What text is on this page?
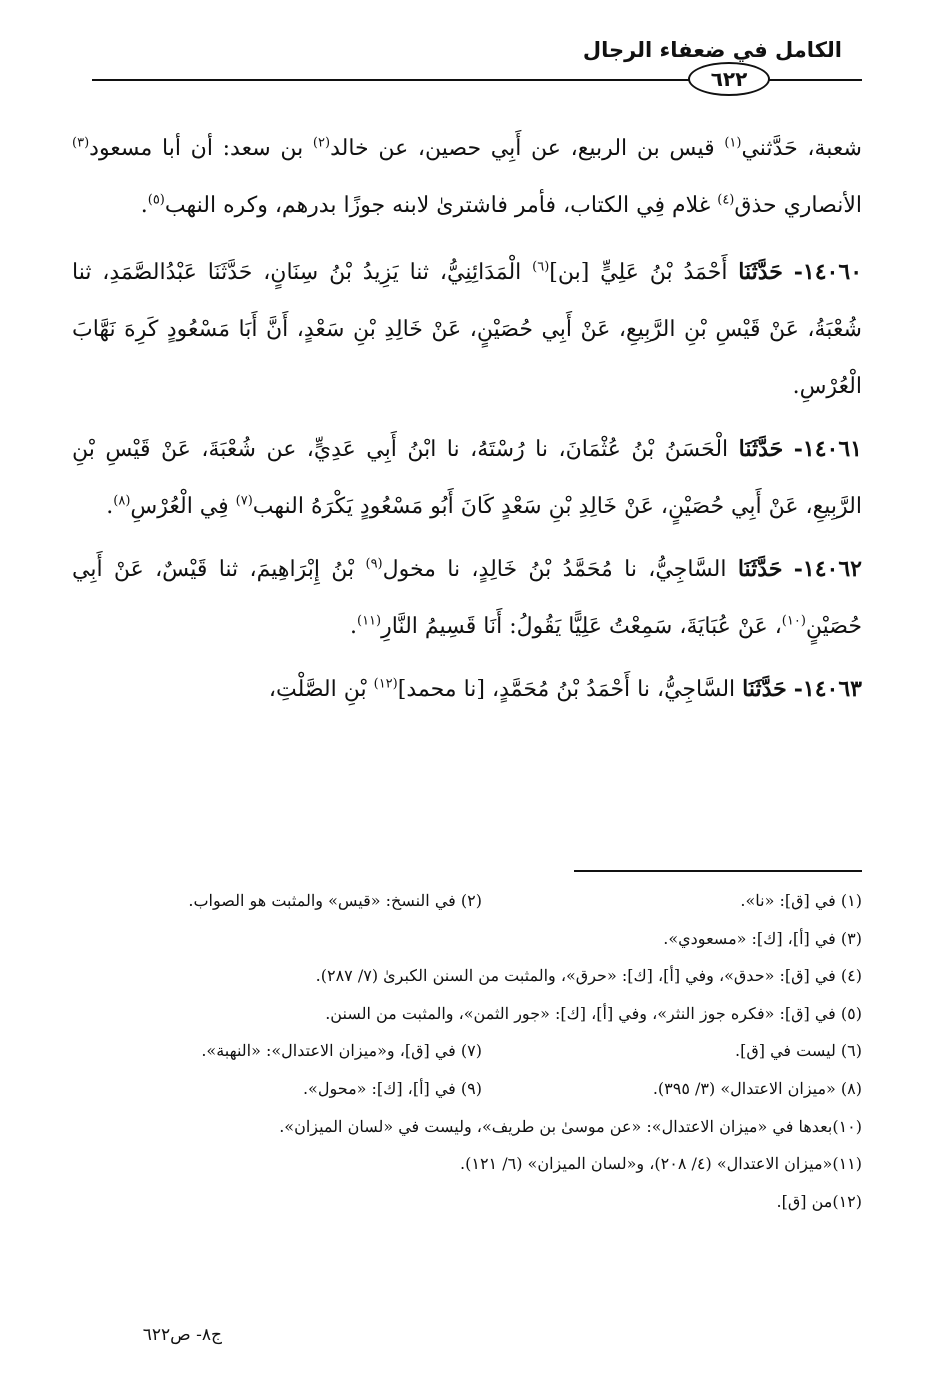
الكامل في ضعفاء الرجال
٦٢٢

شعبة، حَدَّثني$^{(١)}$ قيس بن الربيع، عن أَبِي حصين، عن خالد$^{(٢)}$ بن سعد: أن أبا مسعود$^{(٣)}$ الأنصاري حذق$^{(٤)}$ غلام فِي الكتاب، فأمر فاشترىٰ لابنه جوزًا بدرهم، وكره النهب$^{(٥)}$.

١٤٠٦٠- حَدَّثَنَا أَحْمَدُ بْنُ عَلِيٍّ [بن]$^{(٦)}$ الْمَدَائِنِيُّ، ثنا يَزِيدُ بْنُ سِنَانٍ، حَدَّثَنَا عَبْدُالصَّمَدِ، ثنا شُعْبَةُ، عَنْ قَيْسِ بْنِ الرَّبِيعِ، عَنْ أَبِي حُصَيْنٍ، عَنْ خَالِدِ بْنِ سَعْدٍ، أَنَّ أَبَا مَسْعُودٍ كَرِهَ نَهَّابَ الْعُرْسِ.

١٤٠٦١- حَدَّثَنَا الْحَسَنُ بْنُ عُثْمَانَ، نا رُسْتَهُ، نا ابْنُ أَبِي عَدِيٍّ، عن شُعْبَةَ، عَنْ قَيْسِ بْنِ الرَّبِيعِ، عَنْ أَبِي حُصَيْنٍ، عَنْ خَالِدِ بْنِ سَعْدٍ كَانَ أَبُو مَسْعُودٍ يَكْرَهُ النهب$^{(٧)}$ فِي الْعُرْسِ$^{(٨)}$.

١٤٠٦٢- حَدَّثَنَا السَّاجِيُّ، نا مُحَمَّدُ بْنُ خَالِدٍ، نا مخول$^{(٩)}$ بْنُ إِبْرَاهِيمَ، ثنا قَيْسٌ، عَنْ أَبِي حُصَيْنٍ$^{(١٠)}$، عَنْ عُبَايَةَ، سَمِعْتُ عَلِيًّا يَقُولُ: أَنَا قَسِيمُ النَّارِ$^{(١١)}$.

١٤٠٦٣- حَدَّثَنَا السَّاجِيُّ، نا أَحْمَدُ بْنُ مُحَمَّدٍ، [نا محمد]$^{(١٢)}$ بْنِ الصَّلْتِ،

(١) في [ق]: «نا».
(٢) في النسخ: «قيس» والمثبت هو الصواب.
(٣) في [أ]، [ك]: «مسعودي».
(٤) في [ق]: «حدق»، وفي [أ]، [ك]: «حرق»، والمثبت من السنن الكبرىٰ (٧/ ٢٨٧).
(٥) في [ق]: «فكره جوز النثر»، وفي [أ]، [ك]: «جور الثمن»، والمثبت من السنن.
(٦) ليست في [ق].
(٧) في [ق]، و«ميزان الاعتدال»: «النهبة».
(٨) «ميزان الاعتدال» (٣/ ٣٩٥).
(٩) في [أ]، [ك]: «محول».
(١٠)بعدها في «ميزان الاعتدال»: «عن موسىٰ بن طريف»، وليست في «لسان الميزان».
(١١)«ميزان الاعتدال» (٤/ ٢٠٨)، و«لسان الميزان» (٦/ ١٢١).
(١٢)من [ق].
ج٨- ص٦٢٢
